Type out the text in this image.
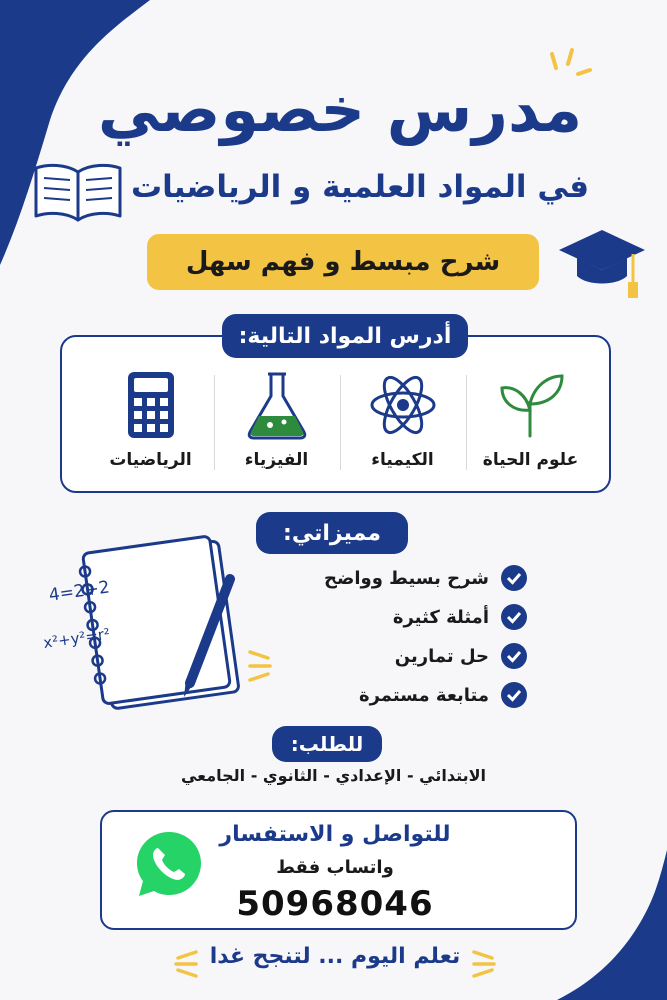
مدرس خصوصي
في المواد العلمية و الرياضيات
شرح مبسط و فهم سهل
أدرس المواد التالية:
علوم الحياة
الكيمياء
الفيزياء
الرياضيات
مميزاتي:
2+2=4
x²+y²=r²
شرح بسيط وواضح
أمثلة كثيرة
حل تمارين
متابعة مستمرة
للطلب:
الابتدائي - الإعدادي - الثانوي - الجامعي
للتواصل و الاستفسار
واتساب فقط
50968046
تعلم اليوم ... لتنجح غدا
